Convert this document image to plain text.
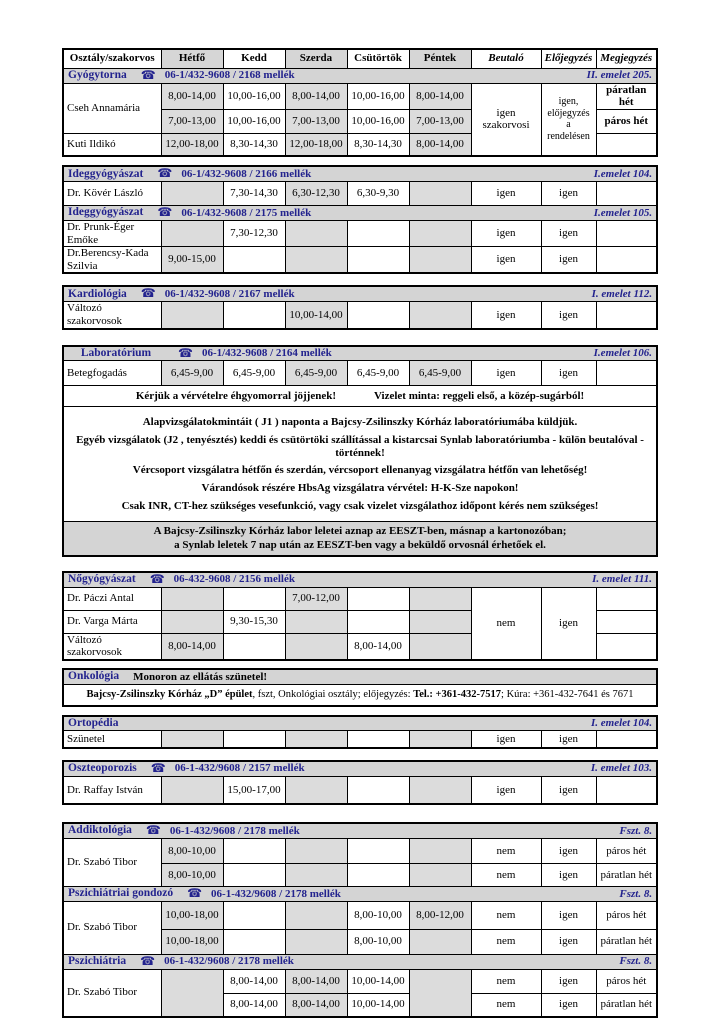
Osztály/szakorvos	Hétfő	Kedd	Szerda	Csütörtök	Péntek	Beutaló	Előjegyzés	Megjegyzés

Gyógytorna ☎ 06-1/432-9608 / 2168 mellék II. emelet 205.								

Cseh Annamária	8,00-14,00	10,00-16,00	8,00-14,00	10,00-16,00	8,00-14,00	igen szakorvosi	igen, előjegyzés a rendelésen	páratlan hét
	7,00-13,00	10,00-16,00	7,00-13,00	10,00-16,00	7,00-13,00			páros hét
Kuti Ildikó	12,00-18,00	8,30-14,30	12,00-18,00	8,30-14,30	8,00-14,00			
Ideggyógyászat ☎ 06-1/432-9608 / 2166 mellék I.emelet 104.								

Dr. Kövér László		7,30-14,30	6,30-12,30	6,30-9,30		igen	igen	

Ideggyógyászat ☎ 06-1/432-9608 / 2175 mellék I.emelet 105.								

Dr. Prunk-Éger Emőke		7,30-12,30				igen	igen	
Dr.Berencsy-Kada Szilvia	9,00-15,00					igen	igen	
Kardiológia ☎ 06-1/432-9608 / 2167 mellék	I. emelet 112.

Változó szakorvosok			10,00-14,00			igen	igen	
Laboratórium	☎ 06-1/432-9608 / 2164 mellék	I.emelet 106.

Betegfogadás	6,45-9,00	6,45-9,00	6,45-9,00	6,45-9,00	6,45-9,00	igen	igen	

Kérjük a vérvételre éhgyomorral jöjjenek!	Vizelet minta: reggeli első, a közép-sugárból!

Alapvizsgálatokmintáit ( J1 ) naponta a Bajcsy-Zsilinszky Kórház laboratóriumába küldjük.
Egyéb vizsgálatok (J2 , tenyésztés) keddi és csütörtöki szállítással a kistarcsai Synlab laboratóriumba - külön beutalóval -történnek!
Vércsoport vizsgálatra hétfőn és szerdán, vércsoport ellenanyag vizsgálatra hétfőn van lehetőség!
Várandósok részére HbsAg vizsgálatra vérvétel: H-K-Sze napokon!
Csak INR, CT-hez szükséges vesefunkció, vagy csak vizelet vizsgálathoz időpont kérés nem szükséges!

A Bajcsy-Zsilinszky Kórház labor leletei aznap az EESZT-ben, másnap a kartonozóban;
a Synlab leletek 7 nap után az EESZT-ben vagy a beküldő orvosnál érhetőek el.
Nőgyógyászat ☎ 06-432-9608 / 2156 mellék I. emelet 111.								

Dr. Páczi Antal			7,00-12,00			nem	igen	
Dr. Varga Márta		9,30-15,30						
Változó szakorvosok	8,00-14,00			8,00-14,00				
Onkológia Monoron az ellátás szünetel!

Bajcsy-Zsilinszky Kórház „D” épület, fszt, Onkológiai osztály; előjegyzés: Tel.: +361-432-7517; Kúra: +361-432-7641 és 7671
Ortopédia	I. emelet 104.

Szünetel						igen	igen	
Oszteoporozis ☎ 06-1-432/9608 / 2157 mellék	I. emelet 103.

Dr. Raffay István		15,00-17,00				igen	igen	
Addiktológia ☎ 06-1-432/9608 / 2178 mellék Fszt. 8.								

Dr. Szabó Tibor	8,00-10,00					nem	igen	páros hét
	8,00-10,00					nem	igen	páratlan hét

Pszichiátriai gondozó ☎ 06-1-432/9608 / 2178 mellék Fszt. 8.								

Dr. Szabó Tibor	10,00-18,00			8,00-10,00	8,00-12,00	nem	igen	páros hét
	10,00-18,00			8,00-10,00		nem	igen	páratlan hét

Pszichiátria ☎ 06-1-432/9608 / 2178 mellék Fszt. 8.								

Dr. Szabó Tibor		8,00-14,00	8,00-14,00	10,00-14,00		nem	igen	páros hét
		8,00-14,00	8,00-14,00	10,00-14,00		nem	igen	páratlan hét
